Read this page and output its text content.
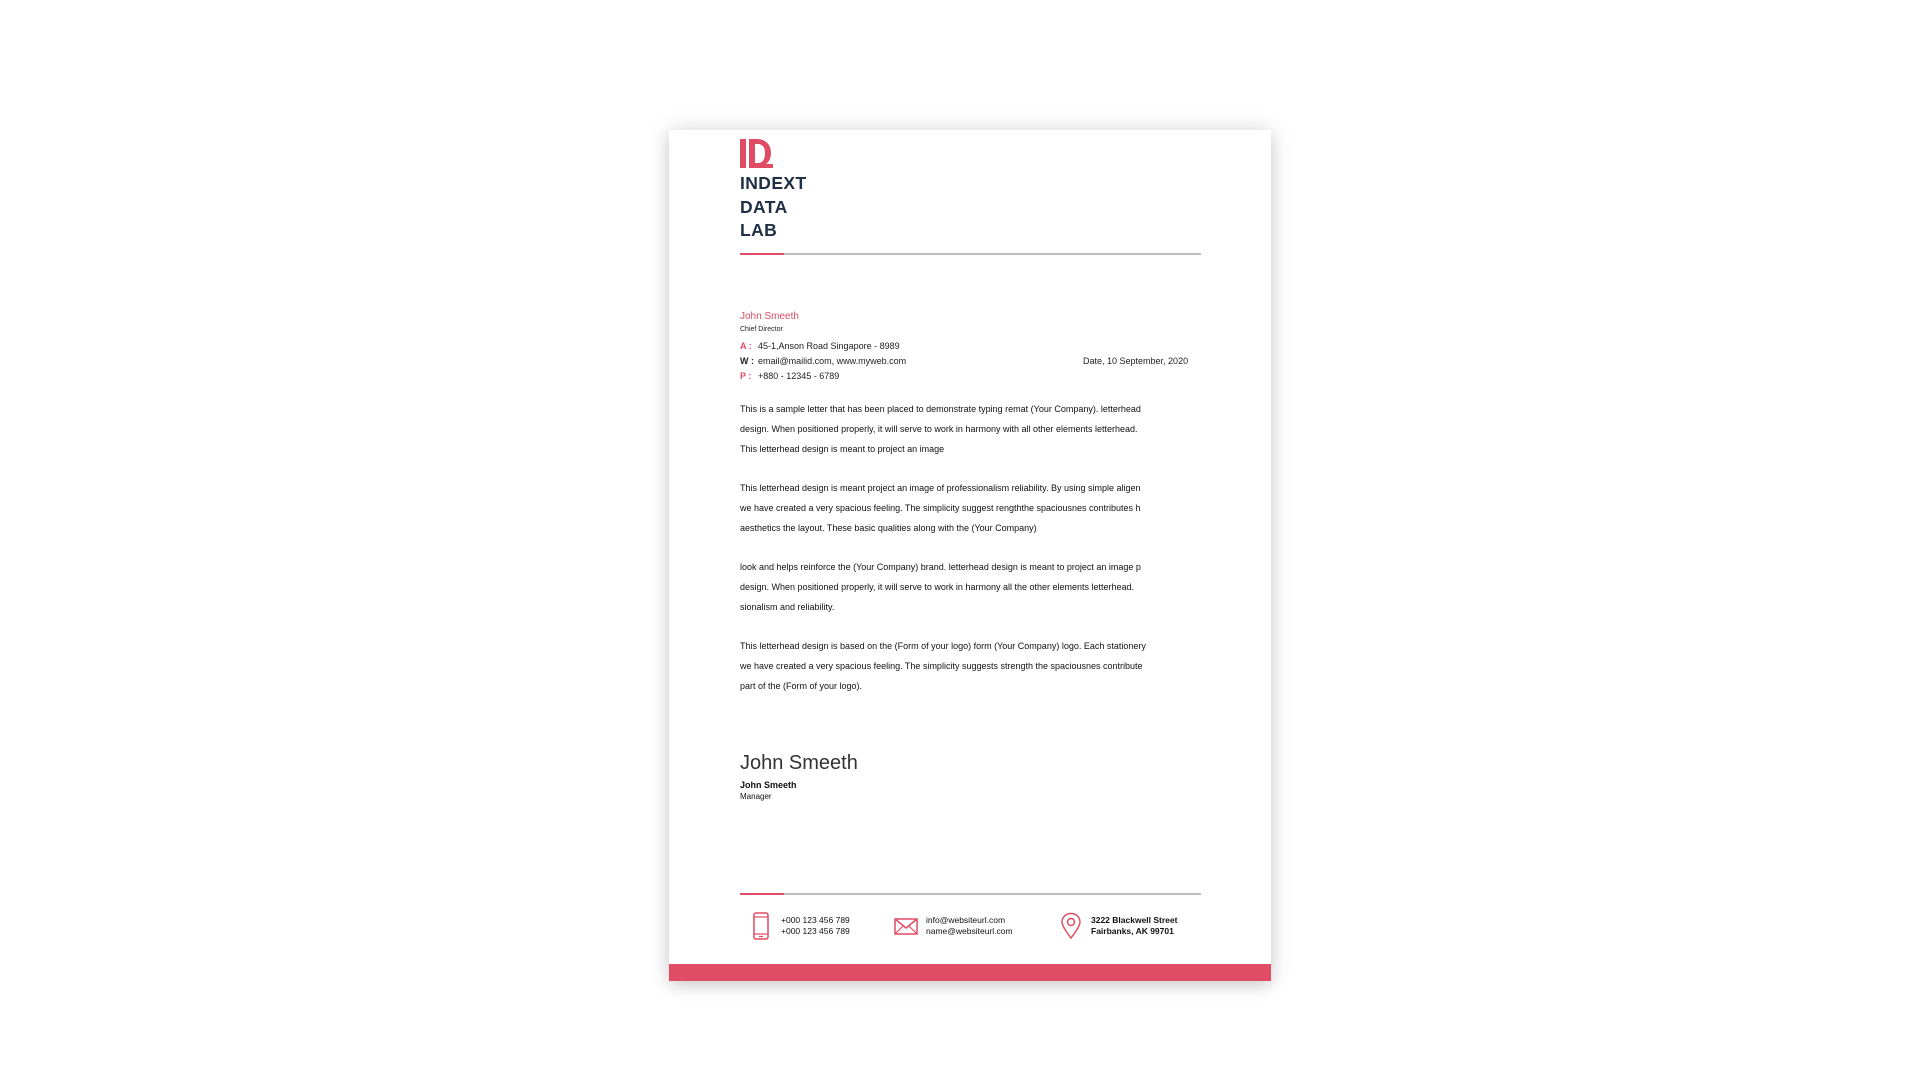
INDEXT
DATA
LAB
John Smeeth
Chief Director
A : 45-1,Anson Road Singapore - 8989
W : email@mailid.com, www.myweb.com
P : +880 - 12345 - 6789
Date, 10 September, 2020
This is a sample letter that has been placed to demonstrate typing remat (Your Company). letterhead
design. When positioned properly, it will serve to work in harmony with all other elements letterhead.
This letterhead design is meant to project an image
This letterhead design is meant project an image of professionalism reliability. By using simple aligen
we have created a very spacious feeling. The simplicity suggest rengththe spaciousnes contributes h
aesthetics the layout. These basic qualities along with the (Your Company)
look and helps reinforce the (Your Company) brand. letterhead design is meant to project an image p
design. When positioned properly, it will serve to work in harmony all the other elements letterhead.
sionalism and reliability.
This letterhead design is based on the (Form of your logo) form (Your Company) logo. Each stationery
we have created a very spacious feeling. The simplicity suggests strength the spaciousnes contribute
part of the (Form of your logo).
John Smeeth
John Smeeth
Manager
+000 123 456 789
+000 123 456 789
info@websiteurl.com
name@websiteurl.com
3222 Blackwell Street
Fairbanks, AK 99701
